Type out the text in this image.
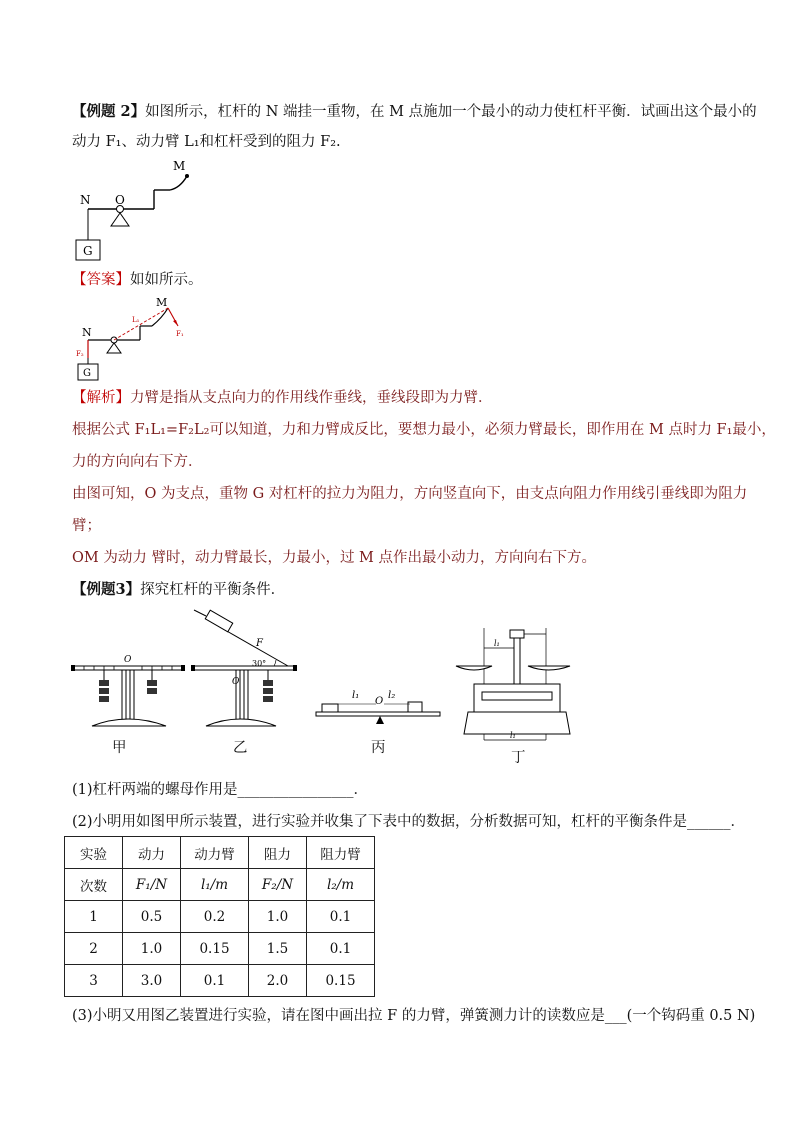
【例题 2】如图所示，杠杆的 N 端挂一重物，在 M 点施加一个最小的动力使杠杆平衡．试画出这个最小的
动力 F₁、动力臂 L₁和杠杆受到的阻力 F₂.
M
N O
G
【答案】如如所示。
M
N
G
F₁
F₂
L₁
【解析】力臂是指从支点向力的作用线作垂线，垂线段即为力臂．
根据公式 F₁L₁=F₂L₂可以知道，力和力臂成反比，要想力最小，必须力臂最长，即作用在 M 点时力 F₁最小，
力的方向向右下方．
由图可知，O 为支点，重物 G 对杠杆的拉力为阻力，方向竖直向下，由支点向阻力作用线引垂线即为阻力
臂；
OM 为动力 臂时，动力臂最长，力最小，过 M 点作出最小动力，方向向右下方。
【例题3】探究杠杆的平衡条件．
O
F
30°
O
l₁
O
l₂
l₁
l₁
甲	乙	丙
丁
(1)杠杆两端的螺母作用是________________．
(2)小明用如图甲所示装置，进行实验并收集了下表中的数据，分析数据可知，杠杆的平衡条件是______．
实验	动力	动力臂	阻力	阻力臂
次数	F₁/N	l₁/m	F₂/N	l₂/m
1	0.5	0.2	1.0	0.1
2	1.0	0.15	1.5	0.1
3	3.0	0.1	2.0	0.15
(3)小明又用图乙装置进行实验，请在图中画出拉 F 的力臂，弹簧测力计的读数应是___(一个钩码重 0.5 N)
